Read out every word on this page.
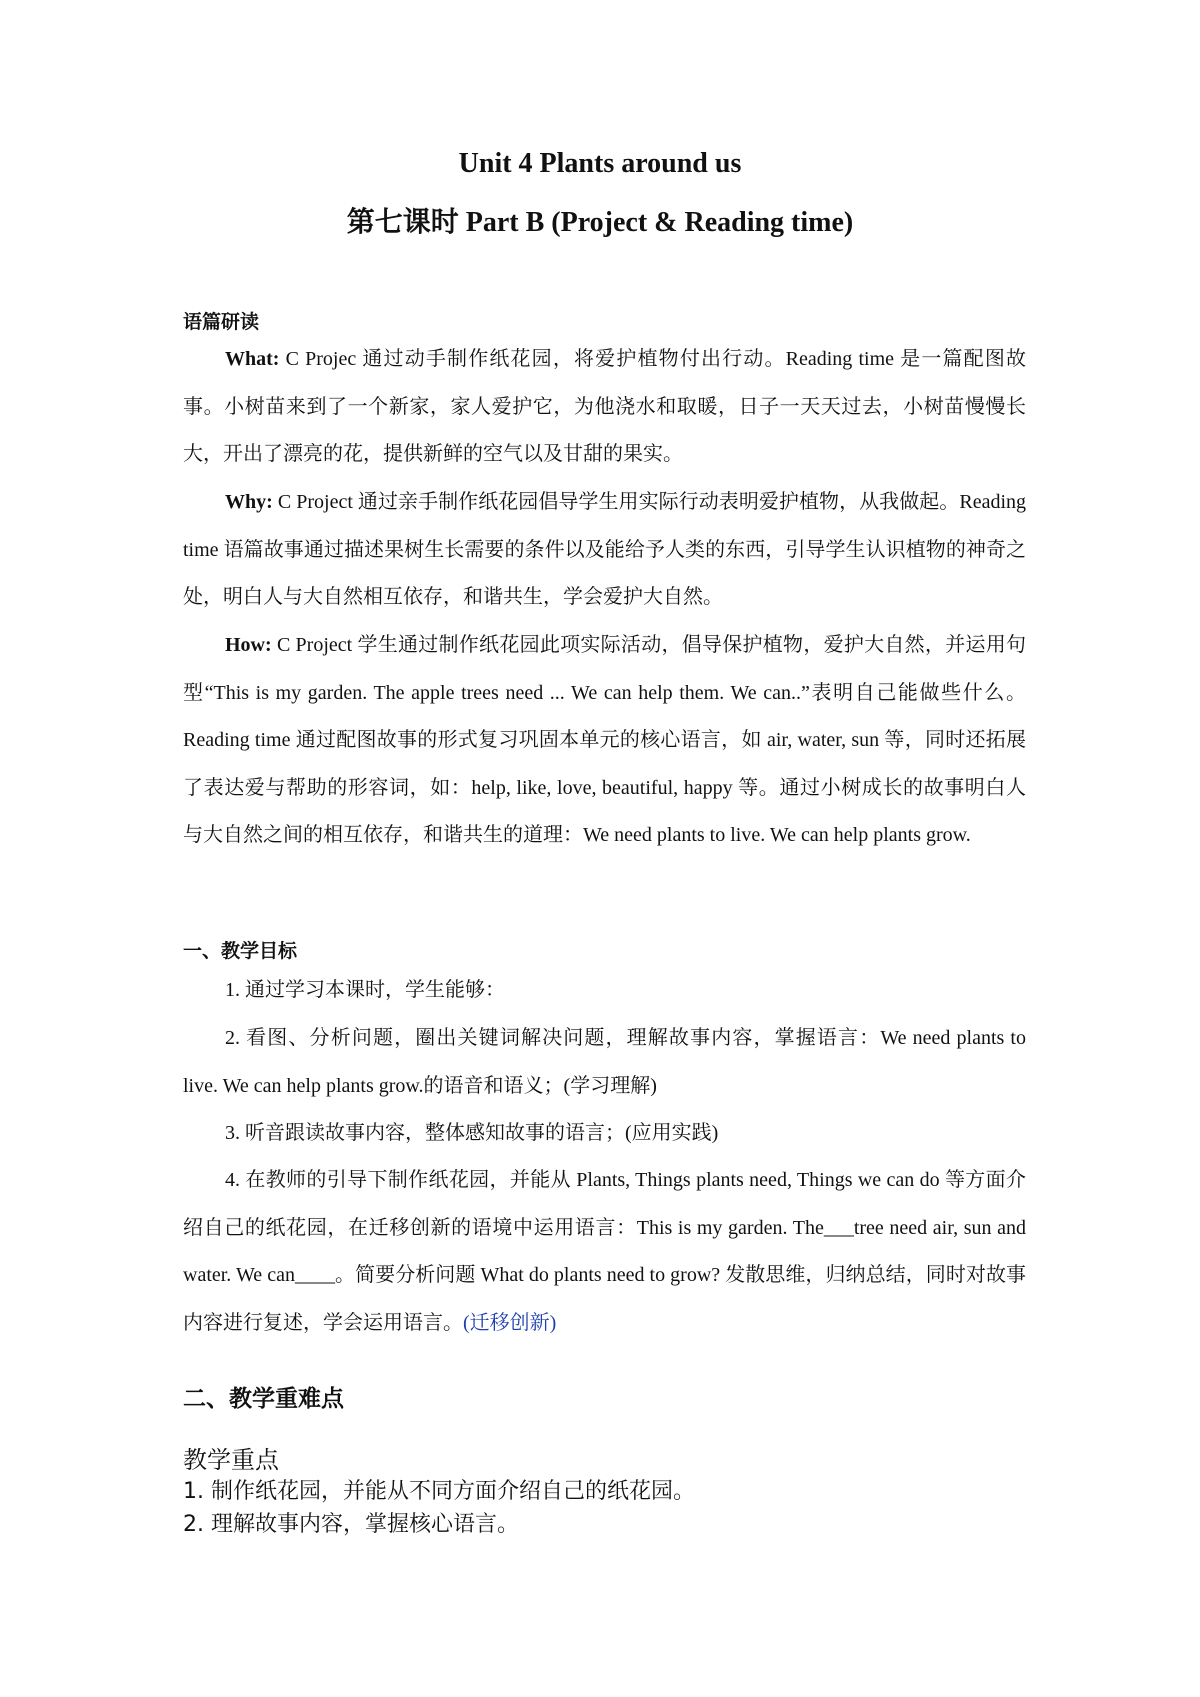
Unit 4 Plants around us
第七课时 Part B (Project & Reading time)
语篇研读
What: C Projec 通过动手制作纸花园，将爱护植物付出行动。Reading time 是一篇配图故事。小树苗来到了一个新家，家人爱护它，为他浇水和取暖，日子一天天过去，小树苗慢慢长大，开出了漂亮的花，提供新鲜的空气以及甘甜的果实。
Why: C Project 通过亲手制作纸花园倡导学生用实际行动表明爱护植物，从我做起。Reading time 语篇故事通过描述果树生长需要的条件以及能给予人类的东西，引导学生认识植物的神奇之处，明白人与大自然相互依存，和谐共生，学会爱护大自然。
How: C Project 学生通过制作纸花园此项实际活动，倡导保护植物，爱护大自然，并运用句型“This is my garden. The apple trees need ... We can help them. We can..”表明自己能做些什么。Reading time 通过配图故事的形式复习巩固本单元的核心语言，如 air, water, sun 等，同时还拓展了表达爱与帮助的形容词，如：help, like, love, beautiful, happy 等。通过小树成长的故事明白人与大自然之间的相互依存，和谐共生的道理：We need plants to live. We can help plants grow.
一、教学目标
1. 通过学习本课时，学生能够：
2. 看图、分析问题，圈出关键词解决问题，理解故事内容，掌握语言：We need plants to live. We can help plants grow.的语音和语义；(学习理解)
3. 听音跟读故事内容，整体感知故事的语言；(应用实践)
4. 在教师的引导下制作纸花园，并能从 Plants, Things plants need, Things we can do 等方面介绍自己的纸花园，在迁移创新的语境中运用语言：This is my garden. The___tree need air, sun and water. We can____。简要分析问题 What do plants need to grow? 发散思维，归纳总结，同时对故事内容进行复述，学会运用语言。(迁移创新)
二、教学重难点
教学重点
1. 制作纸花园，并能从不同方面介绍自己的纸花园。
2. 理解故事内容，掌握核心语言。
